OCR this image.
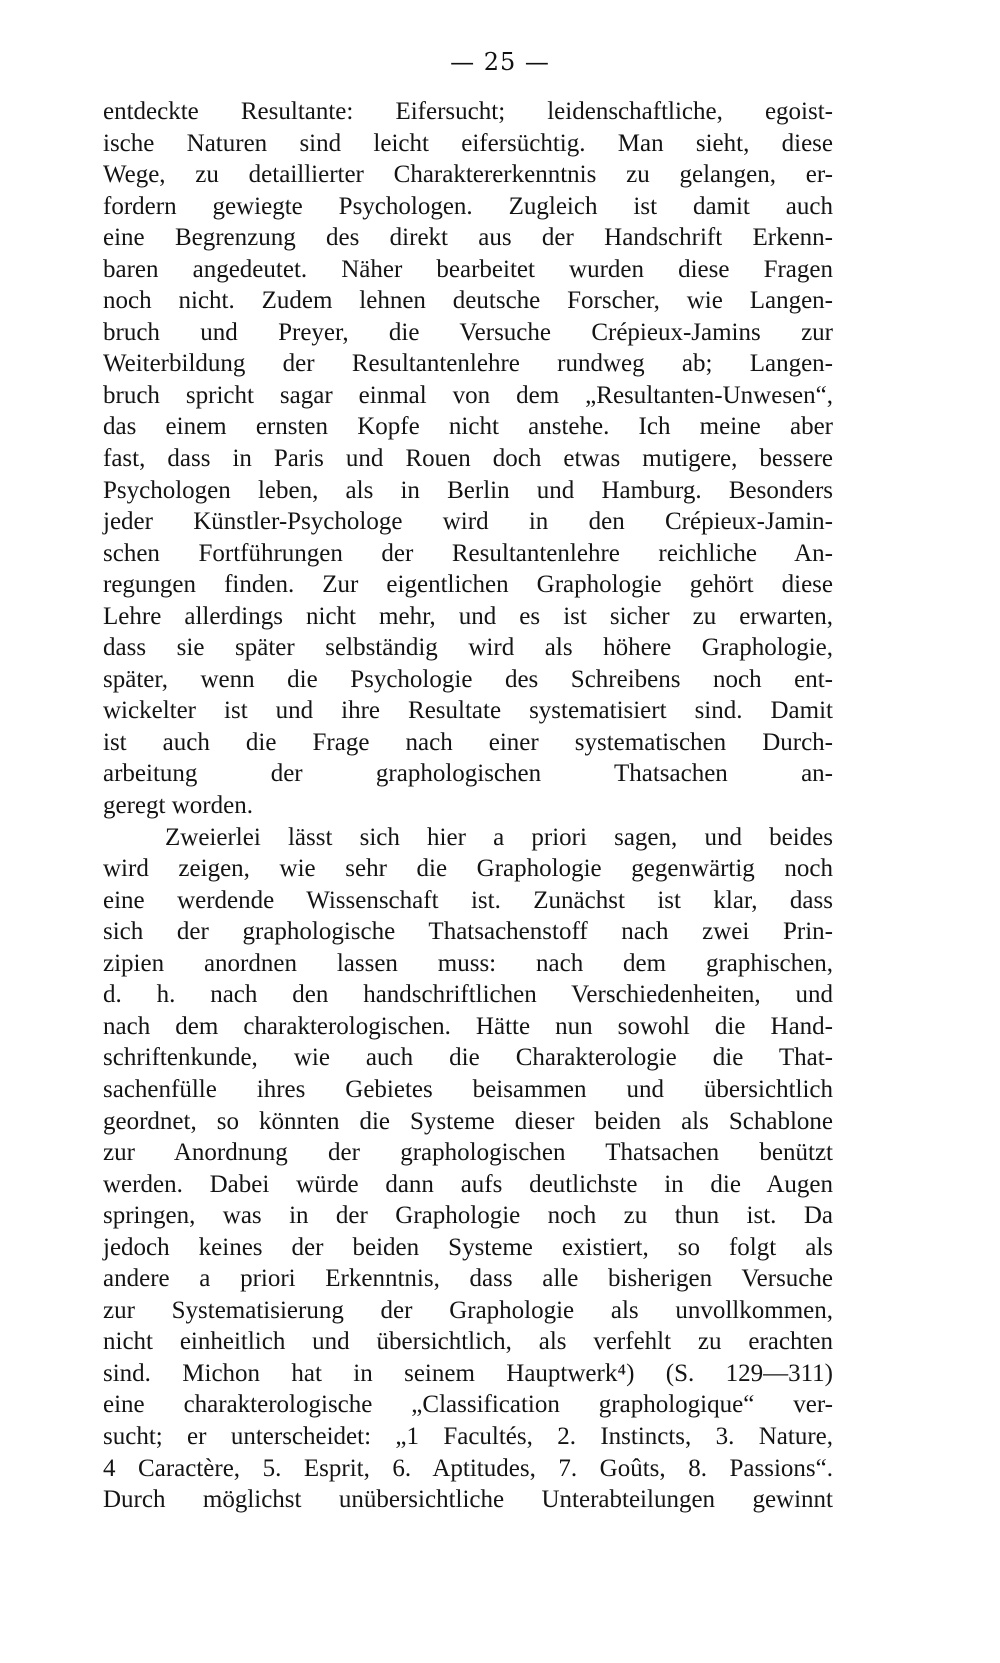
— 25 —
entdeckte Resultante: Eifersucht; leidenschaftliche, egoist-
ische Naturen sind leicht eifersüchtig. Man sieht, diese
Wege, zu detaillierter Charaktererkenntnis zu gelangen, er-
fordern gewiegte Psychologen. Zugleich ist damit auch
eine Begrenzung des direkt aus der Handschrift Erkenn-
baren angedeutet. Näher bearbeitet wurden diese Fragen
noch nicht. Zudem lehnen deutsche Forscher, wie Langen-
bruch und Preyer, die Versuche Crépieux-Jamins zur
Weiterbildung der Resultantenlehre rundweg ab; Langen-
bruch spricht sagar einmal von dem „Resultanten-Unwesen“,
das einem ernsten Kopfe nicht anstehe. Ich meine aber
fast, dass in Paris und Rouen doch etwas mutigere, bessere
Psychologen leben, als in Berlin und Hamburg. Besonders
jeder Künstler-Psychologe wird in den Crépieux-Jamin-
schen Fortführungen der Resultantenlehre reichliche An-
regungen finden. Zur eigentlichen Graphologie gehört diese
Lehre allerdings nicht mehr, und es ist sicher zu erwarten,
dass sie später selbständig wird als höhere Graphologie,
später, wenn die Psychologie des Schreibens noch ent-
wickelter ist und ihre Resultate systematisiert sind. Damit
ist auch die Frage nach einer systematischen Durch-
arbeitung der graphologischen Thatsachen an-
geregt worden.
Zweierlei lässt sich hier a priori sagen, und beides
wird zeigen, wie sehr die Graphologie gegenwärtig noch
eine werdende Wissenschaft ist. Zunächst ist klar, dass
sich der graphologische Thatsachenstoff nach zwei Prin-
zipien anordnen lassen muss: nach dem graphischen,
d. h. nach den handschriftlichen Verschiedenheiten, und
nach dem charakterologischen. Hätte nun sowohl die Hand-
schriftenkunde, wie auch die Charakterologie die That-
sachenfülle ihres Gebietes beisammen und übersichtlich
geordnet, so könnten die Systeme dieser beiden als Schablone
zur Anordnung der graphologischen Thatsachen benützt
werden. Dabei würde dann aufs deutlichste in die Augen
springen, was in der Graphologie noch zu thun ist. Da
jedoch keines der beiden Systeme existiert, so folgt als
andere a priori Erkenntnis, dass alle bisherigen Versuche
zur Systematisierung der Graphologie als unvollkommen,
nicht einheitlich und übersichtlich, als verfehlt zu erachten
sind. Michon hat in seinem Hauptwerk⁴) (S. 129—311)
eine charakterologische „Classification graphologique“ ver-
sucht; er unterscheidet: „1 Facultés, 2. Instincts, 3. Nature,
4 Caractère, 5. Esprit, 6. Aptitudes, 7. Goûts, 8. Passions“.
Durch möglichst unübersichtliche Unterabteilungen gewinnt
